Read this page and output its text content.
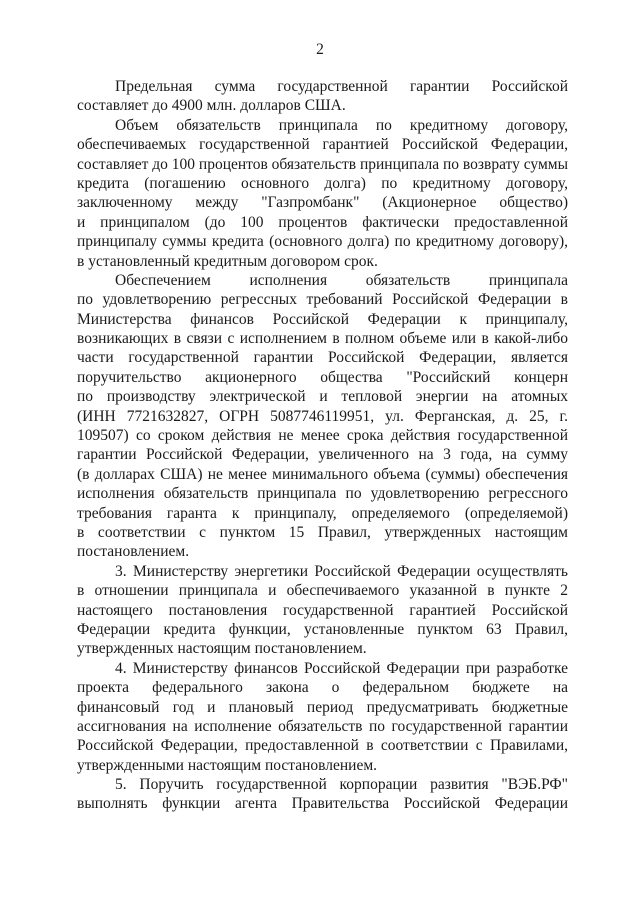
2

Предельная сумма государственной гарантии Российской
составляет до 4900 млн. долларов США.

Объем обязательств принципала по кредитному договору,
обеспечиваемых государственной гарантией Российской Федерации,
составляет до 100 процентов обязательств принципала по возврату суммы
кредита (погашению основного долга) по кредитному договору,
заключенному между "Газпромбанк" (Акционерное общество)
и принципалом (до 100 процентов фактически предоставленной
принципалу суммы кредита (основного долга) по кредитному договору),
в установленный кредитным договором срок.

Обеспечением исполнения обязательств принципала
по удовлетворению регрессных требований Российской Федерации в
Министерства финансов Российской Федерации к принципалу,
возникающих в связи с исполнением в полном объеме или в какой-либо
части государственной гарантии Российской Федерации, является
поручительство акционерного общества "Российский концерн
по производству электрической и тепловой энергии на атомных
(ИНН 7721632827, ОГРН 5087746119951, ул. Ферганская, д. 25, г.
109507) со сроком действия не менее срока действия государственной
гарантии Российской Федерации, увеличенного на 3 года, на сумму
(в долларах США) не менее минимального объема (суммы) обеспечения
исполнения обязательств принципала по удовлетворению регрессного
требования гаранта к принципалу, определяемого (определяемой)
в соответствии с пунктом 15 Правил, утвержденных настоящим
постановлением.

3. Министерству энергетики Российской Федерации осуществлять
в отношении принципала и обеспечиваемого указанной в пункте 2
настоящего постановления государственной гарантией Российской
Федерации кредита функции, установленные пунктом 63 Правил,
утвержденных настоящим постановлением.

4. Министерству финансов Российской Федерации при разработке
проекта федерального закона о федеральном бюджете на
финансовый год и плановый период предусматривать бюджетные
ассигнования на исполнение обязательств по государственной гарантии
Российской Федерации, предоставленной в соответствии с Правилами,
утвержденными настоящим постановлением.

5. Поручить государственной корпорации развития "ВЭБ.РФ"
выполнять функции агента Правительства Российской Федерации
